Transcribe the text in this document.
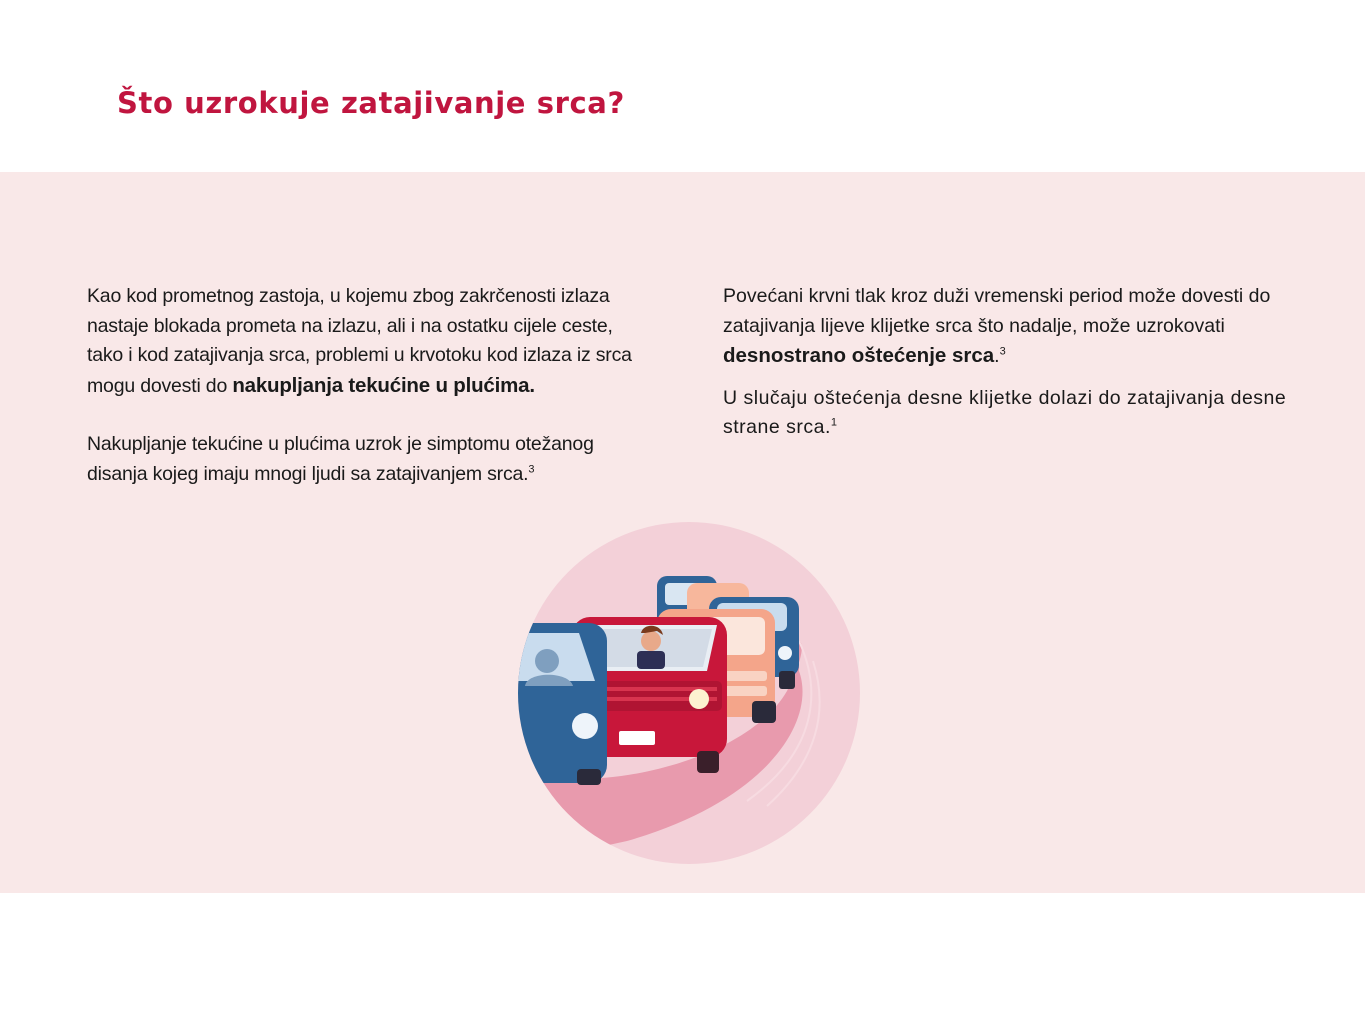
Što uzrokuje zatajivanje srca?

Kao kod prometnog zastoja, u kojemu zbog zakrčenosti izlaza nastaje blokada prometa na izlazu, ali i na ostatku cijele ceste, tako i kod zatajivanja srca, problemi u krvotoku kod izlaza iz srca mogu dovesti do nakupljanja tekućine u plućima.

Nakupljanje tekućine u plućima uzrok je simptomu otežanog disanja kojeg imaju mnogi ljudi sa zatajivanjem srca.$^3$

Povećani krvni tlak kroz duži vremenski period može dovesti do zatajivanja lijeve klijetke srca što nadalje, može uzrokovati desnostrano oštećenje srca.$^3$

U slučaju oštećenja desne klijetke dolazi do zatajivanja desne strane srca.$^1$
